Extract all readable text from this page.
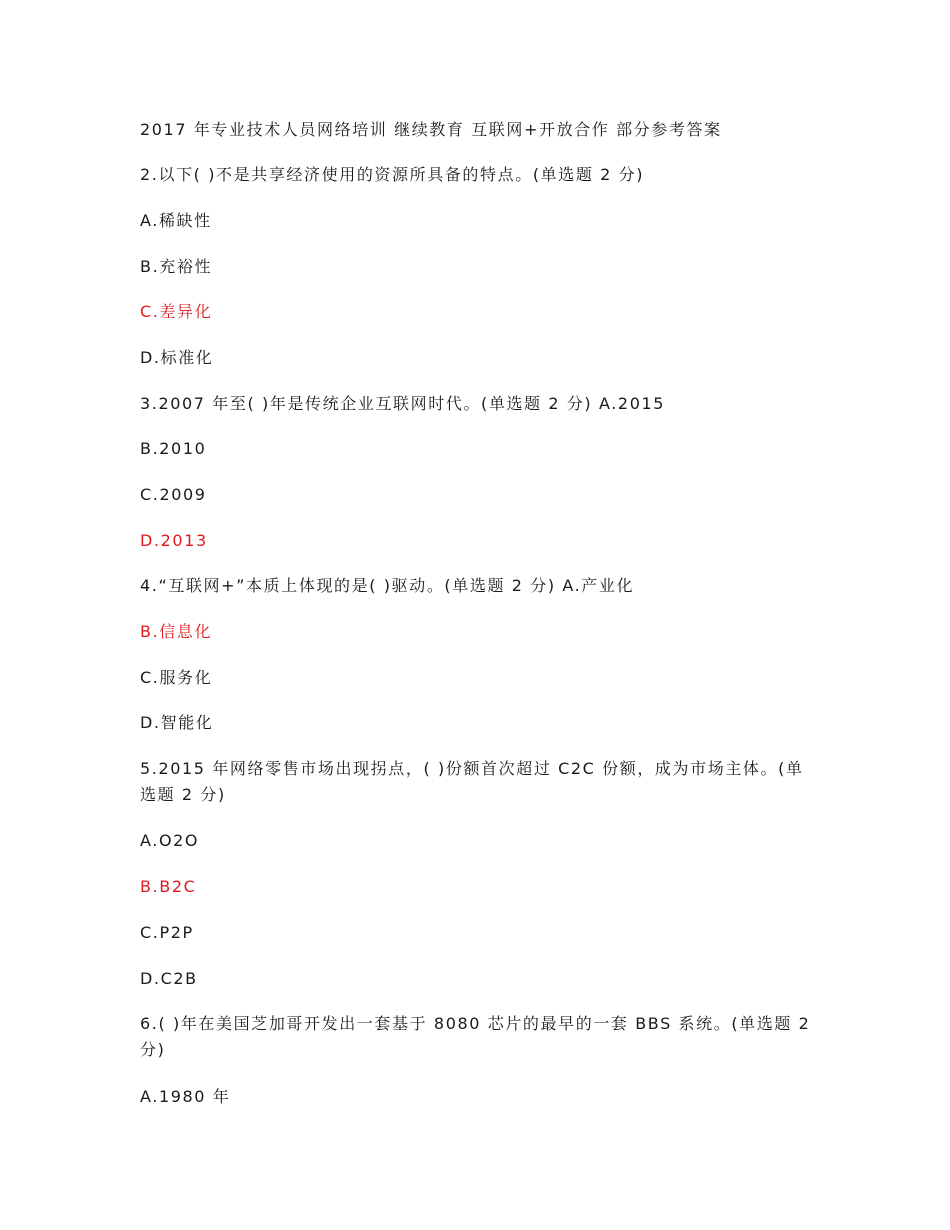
2017 年专业技术人员网络培训 继续教育 互联网+开放合作 部分参考答案
2.以下( )不是共享经济使用的资源所具备的特点。(单选题 2 分)
A.稀缺性
B.充裕性
C.差异化
D.标准化
3.2007 年至( )年是传统企业互联网时代。(单选题 2 分) A.2015
B.2010
C.2009
D.2013
4.“互联网+”本质上体现的是( )驱动。(单选题 2 分) A.产业化
B.信息化
C.服务化
D.智能化
5.2015 年网络零售市场出现拐点，( )份额首次超过 C2C 份额，成为市场主体。(单选题 2 分)
A.O2O
B.B2C
C.P2P
D.C2B
6.( )年在美国芝加哥开发出一套基于 8080 芯片的最早的一套 BBS 系统。(单选题 2 分)
A.1980 年
